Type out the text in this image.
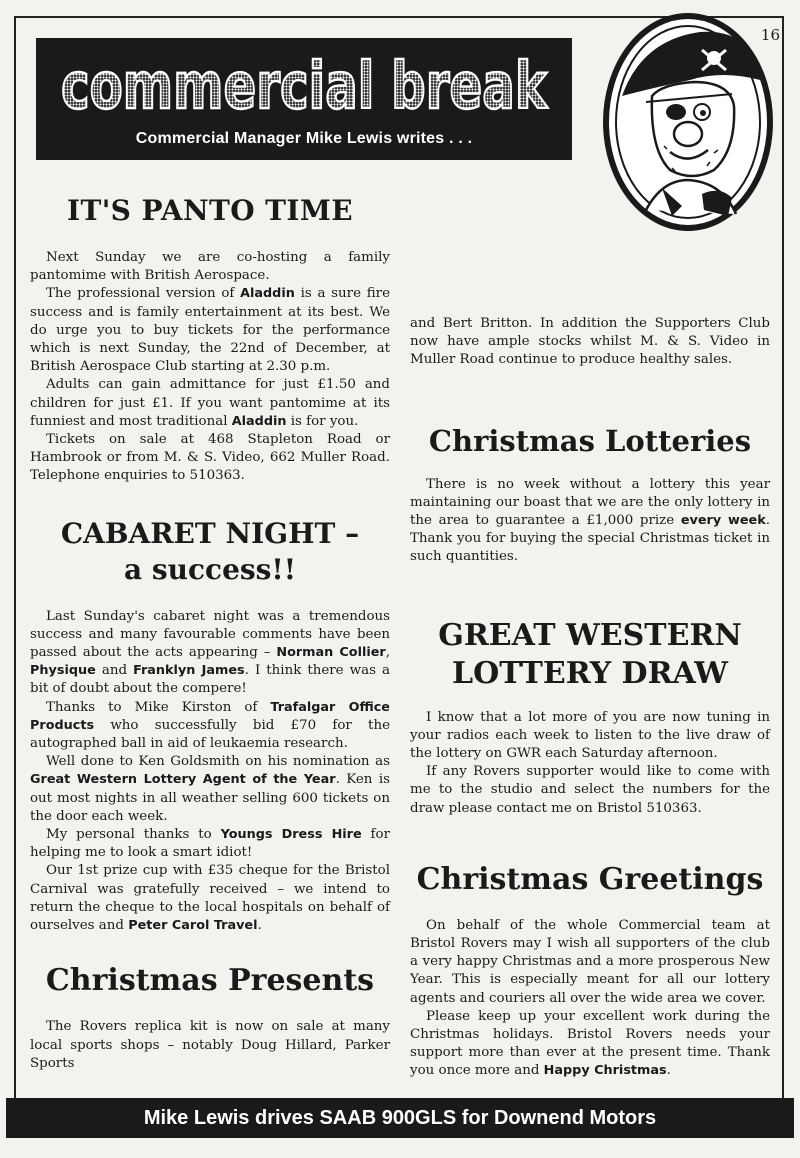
16
commercial break
Commercial Manager Mike Lewis writes . . .
IT'S PANTO TIME

Next Sunday we are co-hosting a family pantomime with British Aerospace.

The professional version of Aladdin is a sure fire success and is family entertainment at its best. We do urge you to buy tickets for the performance which is next Sunday, the 22nd of December, at British Aerospace Club starting at 2.30 p.m.

Adults can gain admittance for just £1.50 and children for just £1. If you want pantomime at its funniest and most traditional Aladdin is for you.

Tickets on sale at 468 Stapleton Road or Hambrook or from M. & S. Video, 662 Muller Road. Telephone enquiries to 510363.

CABARET NIGHT –
a success!!

Last Sunday's cabaret night was a tremendous success and many favourable comments have been passed about the acts appearing – Norman Collier, Physique and Franklyn James. I think there was a bit of doubt about the compere!

Thanks to Mike Kirston of Trafalgar Office Products who successfully bid £70 for the autographed ball in aid of leukaemia research.

Well done to Ken Goldsmith on his nomination as Great Western Lottery Agent of the Year. Ken is out most nights in all weather selling 600 tickets on the door each week.

My personal thanks to Youngs Dress Hire for helping me to look a smart idiot!

Our 1st prize cup with £35 cheque for the Bristol Carnival was gratefully received – we intend to return the cheque to the local hospitals on behalf of ourselves and Peter Carol Travel.

Christmas Presents

The Rovers replica kit is now on sale at many local sports shops – notably Doug Hillard, Parker Sports

and Bert Britton. In addition the Supporters Club now have ample stocks whilst M. & S. Video in Muller Road continue to produce healthy sales.

Christmas Lotteries

There is no week without a lottery this year maintaining our boast that we are the only lottery in the area to guarantee a £1,000 prize every week. Thank you for buying the special Christmas ticket in such quantities.

GREAT WESTERN
LOTTERY DRAW

I know that a lot more of you are now tuning in your radios each week to listen to the live draw of the lottery on GWR each Saturday afternoon.

If any Rovers supporter would like to come with me to the studio and select the numbers for the draw please contact me on Bristol 510363.

Christmas Greetings

On behalf of the whole Commercial team at Bristol Rovers may I wish all supporters of the club a very happy Christmas and a more prosperous New Year. This is especially meant for all our lottery agents and couriers all over the wide area we cover.

Please keep up your excellent work during the Christmas holidays. Bristol Rovers needs your support more than ever at the present time. Thank you once more and Happy Christmas.

Mike Lewis drives SAAB 900GLS for Downend Motors
